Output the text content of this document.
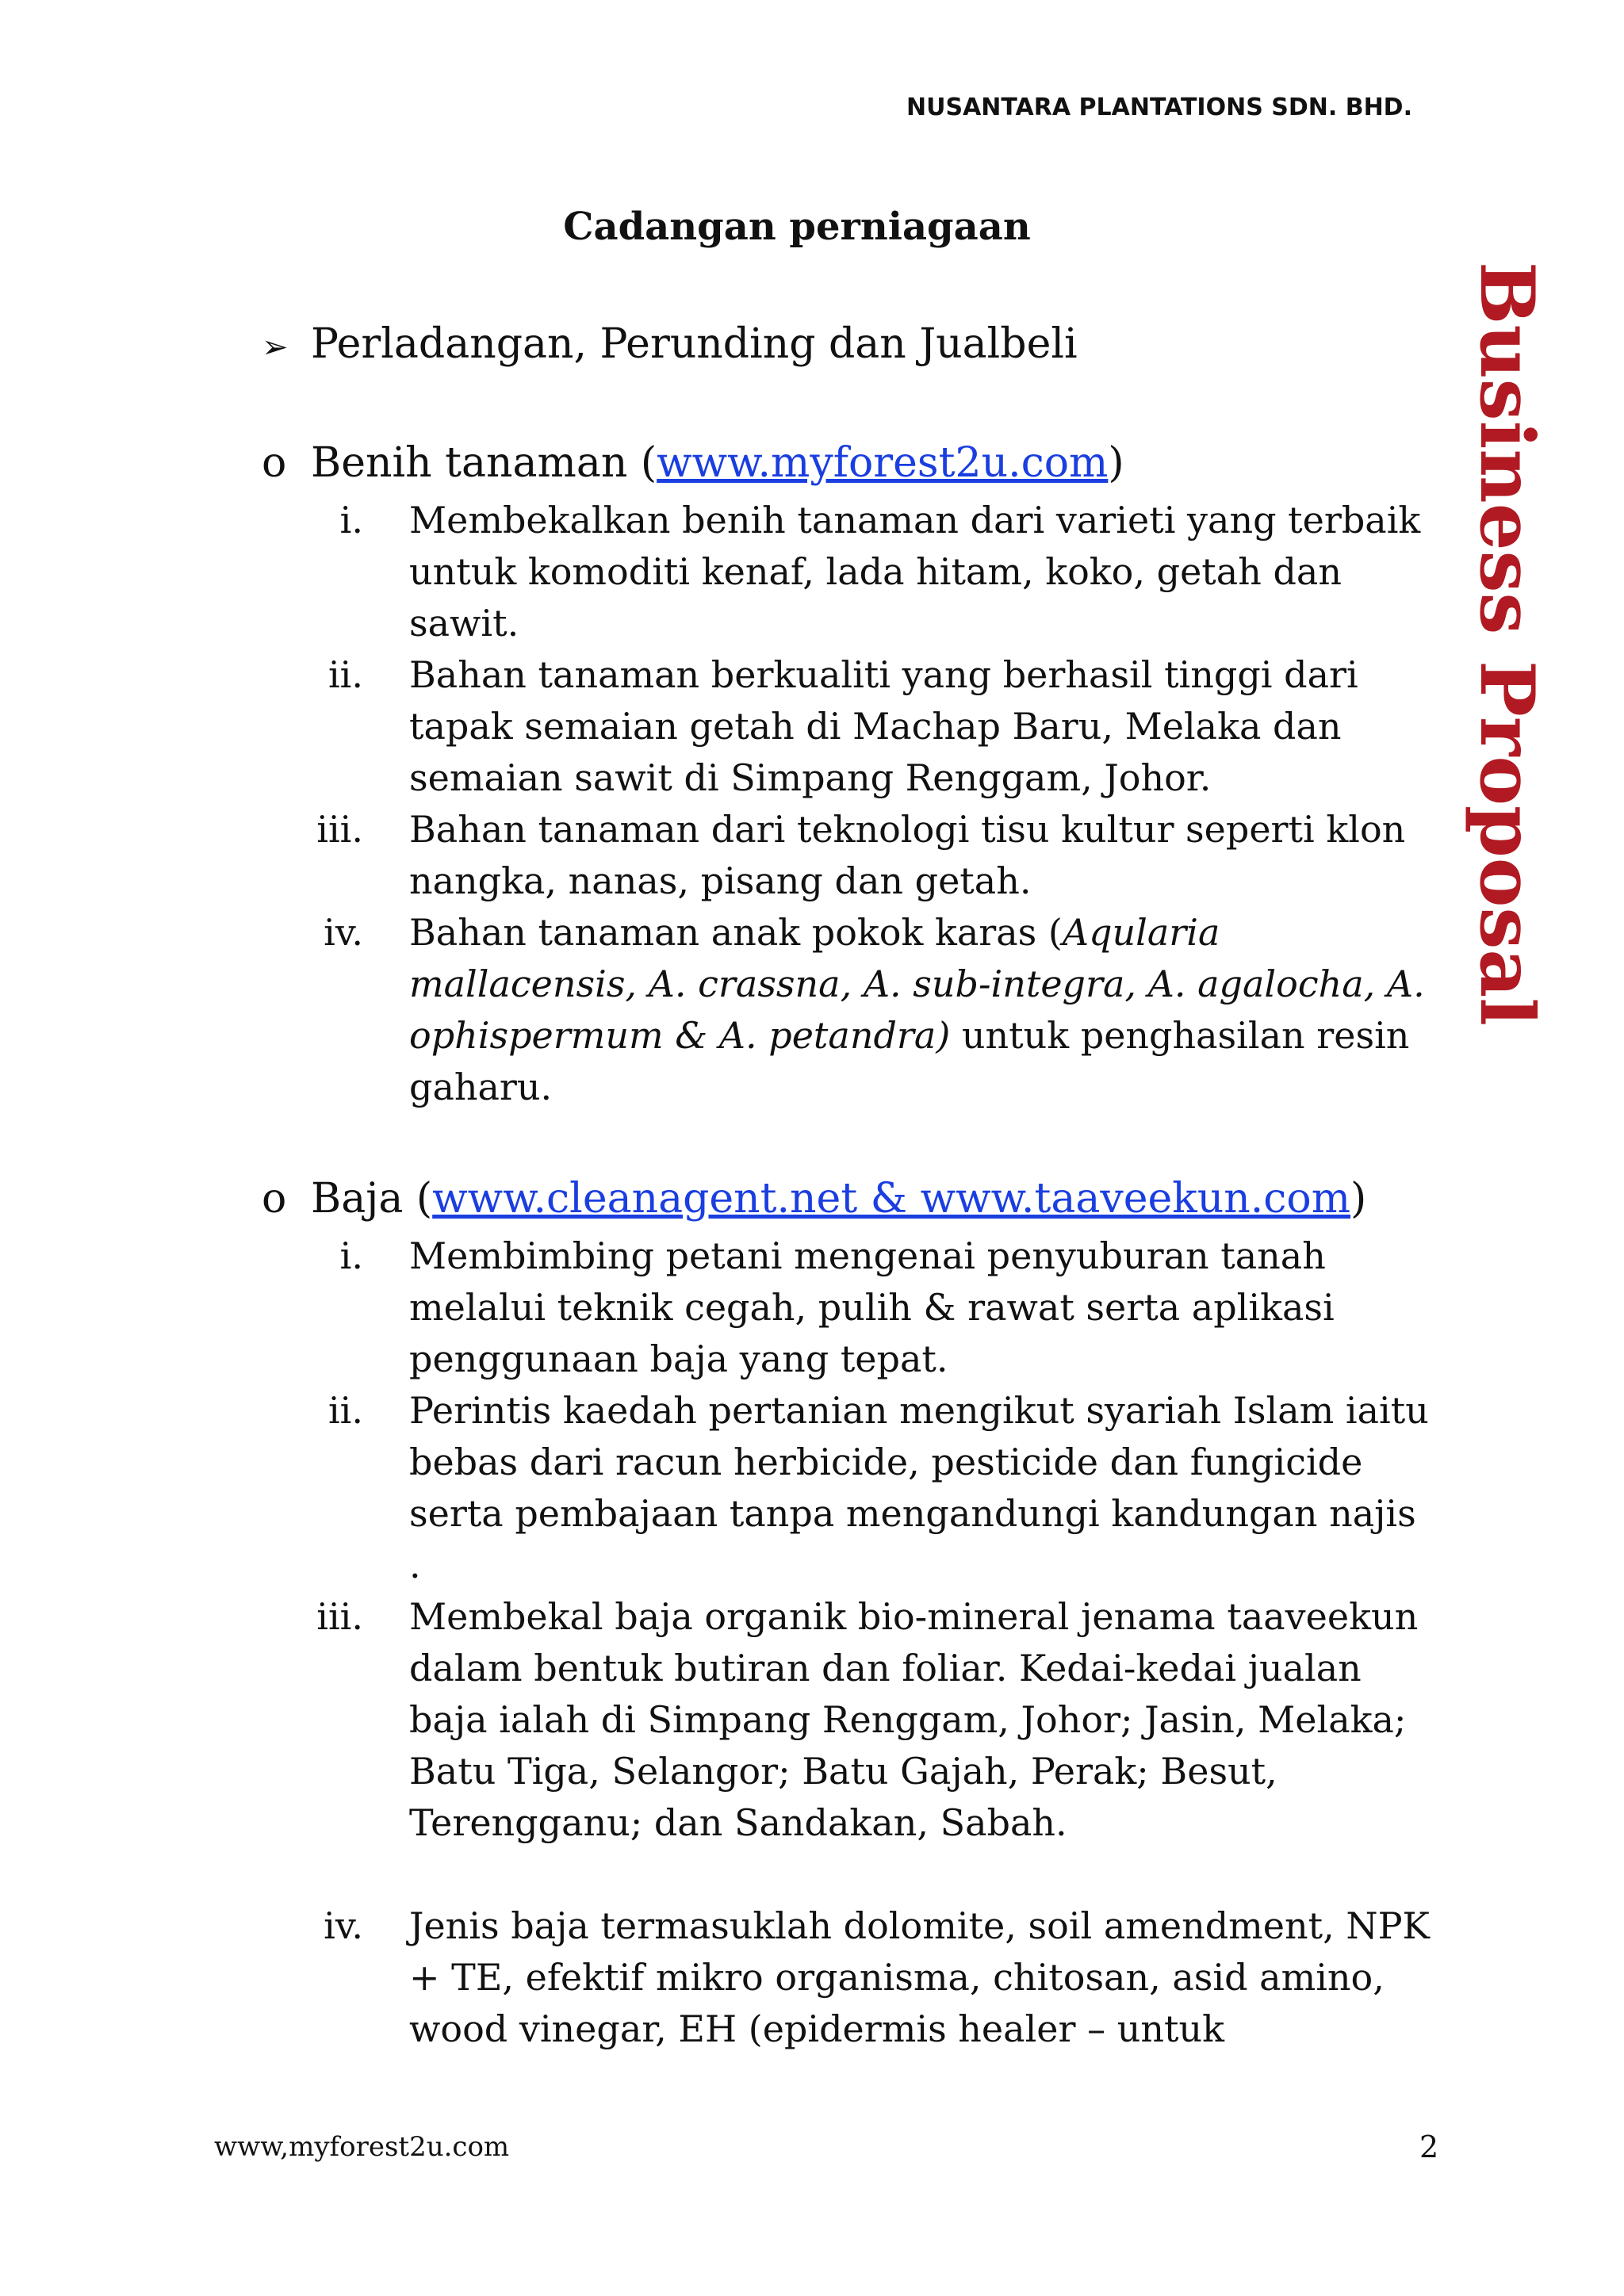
NUSANTARA PLANTATIONS SDN. BHD.
Cadangan perniagaan
Business Proposal
➢ Perladangan, Perunding dan Jualbeli
o Benih tanaman (www.myforest2u.com)
i. Membekalkan benih tanaman dari varieti yang terbaik untuk komoditi kenaf, lada hitam, koko, getah dan sawit.
ii. Bahan tanaman berkualiti yang berhasil tinggi dari tapak semaian getah di Machap Baru, Melaka dan semaian sawit di Simpang Renggam, Johor.
iii. Bahan tanaman dari teknologi tisu kultur seperti klon nangka, nanas, pisang dan getah.
iv. Bahan tanaman anak pokok karas (Aqularia mallacensis, A. crassna, A. sub-integra, A. agalocha, A. ophispermum & A. petandra) untuk penghasilan resin gaharu.
o Baja (www.cleanagent.net & www.taaveekun.com)
i. Membimbing petani mengenai penyuburan tanah melalui teknik cegah, pulih & rawat serta aplikasi penggunaan baja yang tepat.
ii. Perintis kaedah pertanian mengikut syariah Islam iaitu bebas dari racun herbicide, pesticide dan fungicide serta pembajaan tanpa mengandungi kandungan najis .
iii. Membekal baja organik bio-mineral jenama taaveekun dalam bentuk butiran dan foliar. Kedai-kedai jualan baja ialah di Simpang Renggam, Johor; Jasin, Melaka; Batu Tiga, Selangor; Batu Gajah, Perak; Besut, Terengganu; dan Sandakan, Sabah.
iv. Jenis baja termasuklah dolomite, soil amendment, NPK + TE, efektif mikro organisma, chitosan, asid amino, wood vinegar, EH (epidermis healer – untuk
www,myforest2u.com	2
